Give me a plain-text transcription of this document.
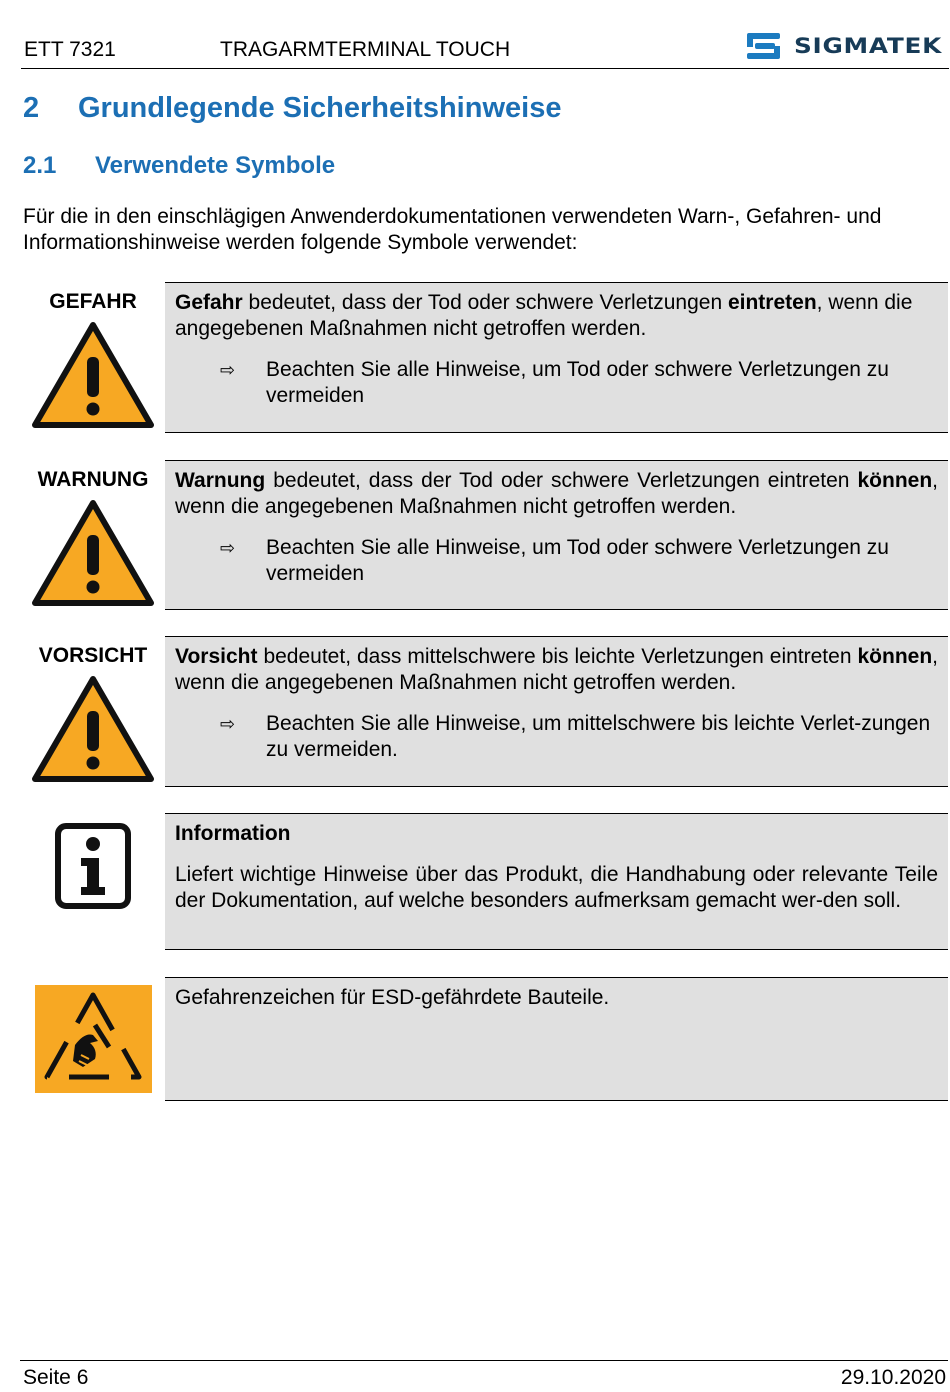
ETT 7321	TRAGARMTERMINAL TOUCH	SIGMATEK
2 Grundlegende Sicherheitshinweise
2.1 Verwendete Symbole
Für die in den einschlägigen Anwenderdokumentationen verwendeten Warn-, Gefahren- und Informationshinweise werden folgende Symbole verwendet:
GEFAHR	Gefahr bedeutet, dass der Tod oder schwere Verletzungen eintreten, wenn die angegebenen Maßnahmen nicht getroffen werden.

⇨ Beachten Sie alle Hinweise, um Tod oder schwere Verletzungen zu vermeiden
WARNUNG	Warnung bedeutet, dass der Tod oder schwere Verletzungen eintreten können, wenn die angegebenen Maßnahmen nicht getroffen werden.

⇨ Beachten Sie alle Hinweise, um Tod oder schwere Verletzungen zu vermeiden
VORSICHT	Vorsicht bedeutet, dass mittelschwere bis leichte Verletzungen eintreten können, wenn die angegebenen Maßnahmen nicht getroffen werden.

⇨ Beachten Sie alle Hinweise, um mittelschwere bis leichte Verlet-zungen zu vermeiden.

Information

Liefert wichtige Hinweise über das Produkt, die Handhabung oder relevante Teile der Dokumentation, auf welche besonders aufmerksam gemacht wer-den soll.

Gefahrenzeichen für ESD-gefährdete Bauteile.

Seite 6	29.10.2020
